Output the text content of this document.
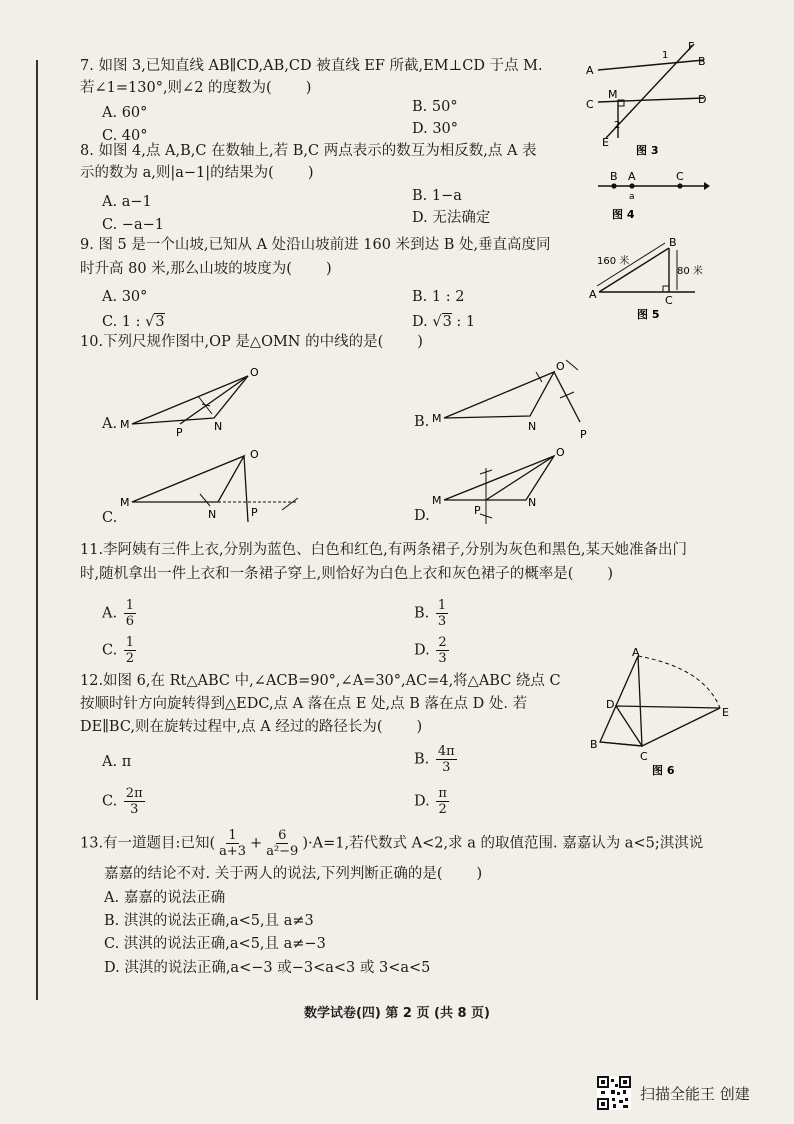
7. 如图 3,已知直线 AB∥CD,AB,CD 被直线 EF 所截,EM⊥CD 于点 M.
若∠1=130°,则∠2 的度数为( )
A. 60°	B. 50°
C. 40°	D. 30°
A
B
C	D
M
E
F
1
2
图 3
8. 如图 4,点 A,B,C 在数轴上,若 B,C 两点表示的数互为相反数,点 A 表
示的数为 a,则|a−1|的结果为( )
A. a−1	B. 1−a
C. −a−1	D. 无法确定
B A	C
a
图 4
9. 图 5 是一个山坡,已知从 A 处沿山坡前进 160 米到达 B 处,垂直高度同
时升高 80 米,那么山坡的坡度为( )
A. 30°	B. 1 : 2
C. 1 : √3	D. √3 : 1
160 米
80 米
A
B
C
图 5
10.下列尺规作图中,OP 是△OMN 的中线的是( )
A. M
O
N
P
B. M
O
N
P
C.
M
O
N	P	D.
M
O
N
P
11.李阿姨有三件上衣,分别为蓝色、白色和红色,有两条裙子,分别为灰色和黑色,某天她准备出门
时,随机拿出一件上衣和一条裙子穿上,则恰好为白色上衣和灰色裙子的概率是( )
A. $\frac{1}{6}$	B. $\frac{1}{3}$
C. $\frac{1}{2}$	D. $\frac{2}{3}$
12.如图 6,在 Rt△ABC 中,∠ACB=90°,∠A=30°,AC=4,将△ABC 绕点 C
按顺时针方向旋转得到△EDC,点 A 落在点 E 处,点 B 落在点 D 处. 若
DE∥BC,则在旋转过程中,点 A 经过的路径长为( )
A. π	B. $\frac{4\pi}{3}$
C. $\frac{2\pi}{3}$	D. $\frac{\pi}{2}$
A
B
C
D
E
图 6
13.有一道题目:已知( $\frac{1}{a+3} + \frac{6}{\text{a²−9}} )\cdot A=1$,若代数式 A<2,求 a 的取值范围. 嘉嘉认为 a<5;淇淇说
嘉嘉的结论不对. 关于两人的说法,下列判断正确的是( )
A. 嘉嘉的说法正确
B. 淇淇的说法正确,a<5,且 a≠3
C. 淇淇的说法正确,a<5,且 a≠−3
D. 淇淇的说法正确,a<−3 或−3<a<3 或 3<a<5
数学试卷(四) 第 2 页 (共 8 页)
扫描全能王 创建
